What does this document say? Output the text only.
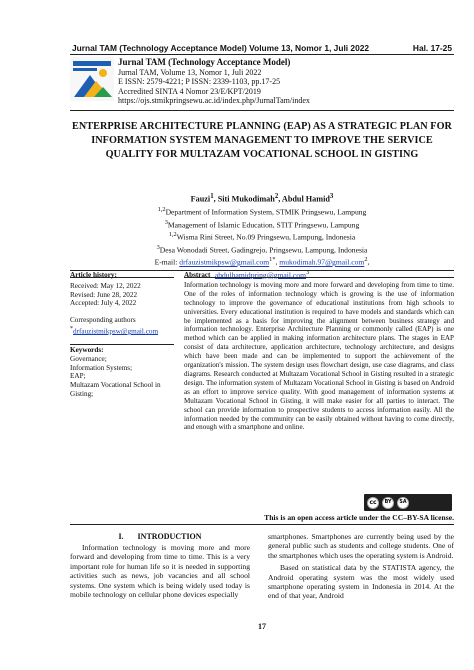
Jurnal TAM (Technology Acceptance Model) Volume 13, Nomor 1, Juli 2022	Hal. 17-25
Jurnal TAM (Technology Acceptance Model)
Jurnal TAM, Volume 13, Nomor 1, Juli 2022
E ISSN: 2579-4221; P ISSN: 2339-1103, pp.17-25
Accredited SINTA 4 Nomor 23/E/KPT/2019
https://ojs.stmikpringsewu.ac.id/index.php/JurnalTam/index
ENTERPRISE ARCHITECTURE PLANNING (EAP) AS A STRATEGIC PLAN FOR INFORMATION SYSTEM MANAGEMENT TO IMPROVE THE SERVICE QUALITY FOR MULTAZAM VOCATIONAL SCHOOL IN GISTING
Fauzi$^1$, Siti Mukodimah$^2$, Abdul Hamid$^3$
$^{1,2}$Department of Information System, STMIK Pringsewu, Lampung
$^3$Management of Islamic Education, STIT Pringsewu, Lampung
$^{1,2}$Wisma Rini Street, No.09 Pringsewu, Lampung, Indonesia
$^3$Desa Wonodadi Street, Gadingrejo, Pringsewu, Lampung, Indonesia
E-mail: drfauzistmikpsw@gmail.com$^{1*}$, mukodimah.97@gmail.com$^2$,
abdulhamidpring@gmail.com$^3$
Article history:
Received: May 12, 2022
Revised: June 28, 2022
Accepted: July 4, 2022
Corresponding authors
*drfauzistmikpsw@gmail.com
Keywords:
Governance;
Information Systems;
EAP;
Multazam Vocational School in Gisting;
Abstract
Information technology is moving more and more forward and developing from time to time. One of the roles of information technology which is growing is the use of information technology to improve the governance of educational institutions from high schools to universities. Every educational institution is required to have models and standards which can be implemented as a basis for improving the alignment between business strategy and information technology. Enterprise Architecture Planning or commonly called (EAP) is one method which can be applied in making information architecture plans. The stages in EAP consist of data architecture, application architecture, technology architecture, and designs which have been made and can be implemented to support the achievement of the organization's mission. The system design uses flowchart design, use case diagrams, and class diagrams. Research conducted at Multazam Vocational School in Gisting resulted in a strategic design. The information system of Multazam Vocational School in Gisting is based on Android as an effort to improve service quality. With good management of information systems at Multazam Vocational School in Gisting, it will make easier for all parties to interact. The school can provide information to prospective students to access information easily. All the information needed by the community can be easily obtained without having to come directly, and enough with a smartphone and online.
cc	BY	SA
This is an open access article under the CC–BY-SA license.
I.       INTRODUCTION

Information technology is moving more and more forward and developing from time to time. This is a very important role for human life so it is needed in supporting activities such as news, job vacancies and all school systems. One system which is being widely used today is mobile technology on cellular phone devices especially

smartphones. Smartphones are currently being used by the general public such as students and college students. One of the smartphones which uses the operating system is Android.

Based on statistical data by the STATISTA agency, the Android operating system was the most widely used smartphone operating system in Indonesia in 2014. At the end of that year, Android

17
